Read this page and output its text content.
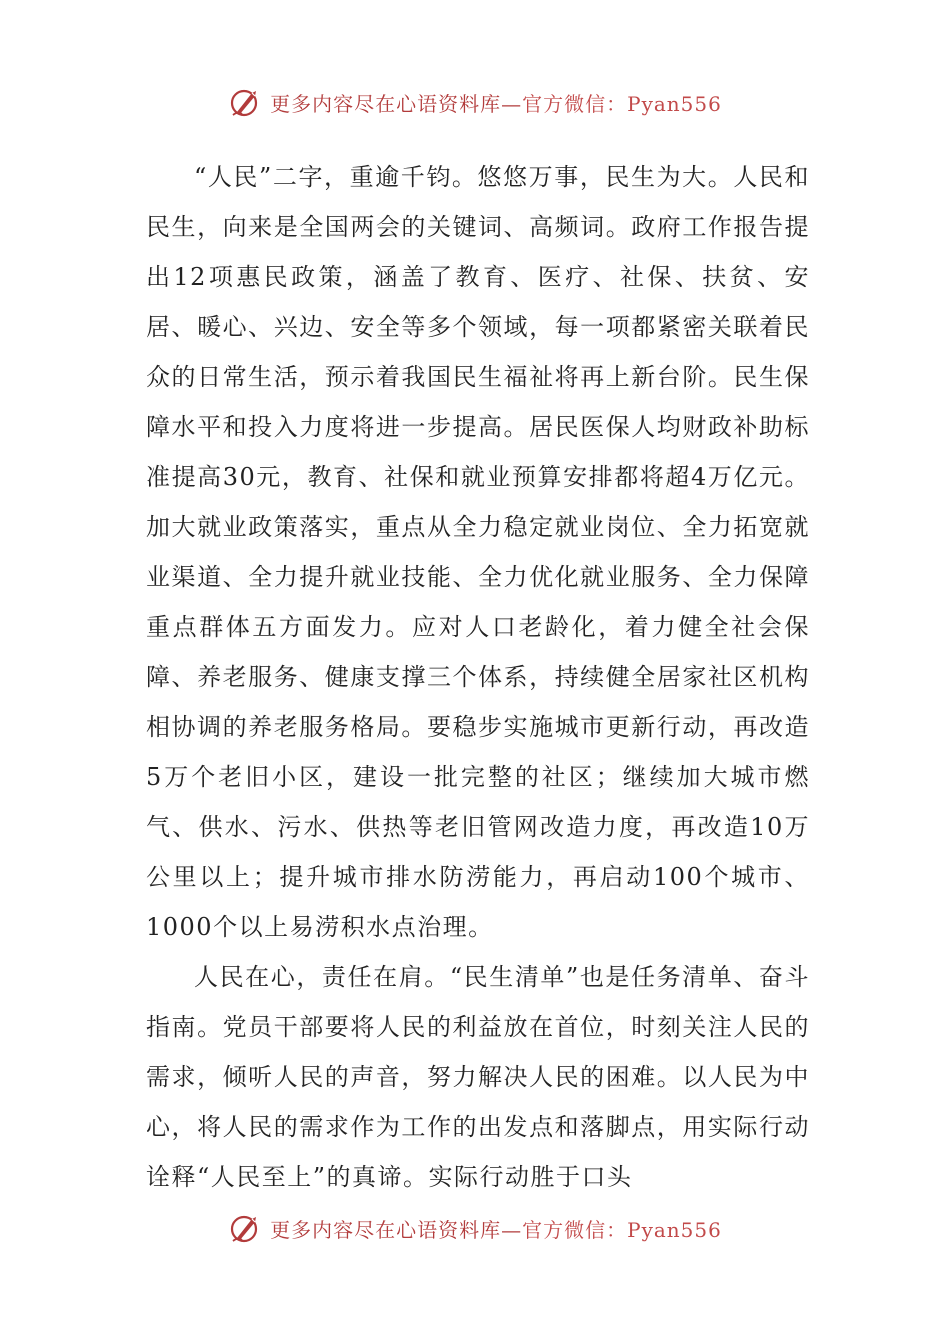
更多内容尽在心语资料库—官方微信：Pyan556

“人民”二字，重逾千钧。悠悠万事，民生为大。人民和民生，向来是全国两会的关键词、高频词。政府工作报告提出12项惠民政策，涵盖了教育、医疗、社保、扶贫、安居、暖心、兴边、安全等多个领域，每一项都紧密关联着民众的日常生活，预示着我国民生福祉将再上新台阶。民生保障水平和投入力度将进一步提高。居民医保人均财政补助标准提高30元，教育、社保和就业预算安排都将超4万亿元。加大就业政策落实，重点从全力稳定就业岗位、全力拓宽就业渠道、全力提升就业技能、全力优化就业服务、全力保障重点群体五方面发力。应对人口老龄化，着力健全社会保障、养老服务、健康支撑三个体系，持续健全居家社区机构相协调的养老服务格局。要稳步实施城市更新行动，再改造5万个老旧小区，建设一批完整的社区；继续加大城市燃气、供水、污水、供热等老旧管网改造力度，再改造10万公里以上；提升城市排水防涝能力，再启动100个城市、1000个以上易涝积水点治理。

人民在心，责任在肩。“民生清单”也是任务清单、奋斗指南。党员干部要将人民的利益放在首位，时刻关注人民的需求，倾听人民的声音，努力解决人民的困难。以人民为中心，将人民的需求作为工作的出发点和落脚点，用实际行动诠释“人民至上”的真谛。实际行动胜于口头

更多内容尽在心语资料库—官方微信：Pyan556
